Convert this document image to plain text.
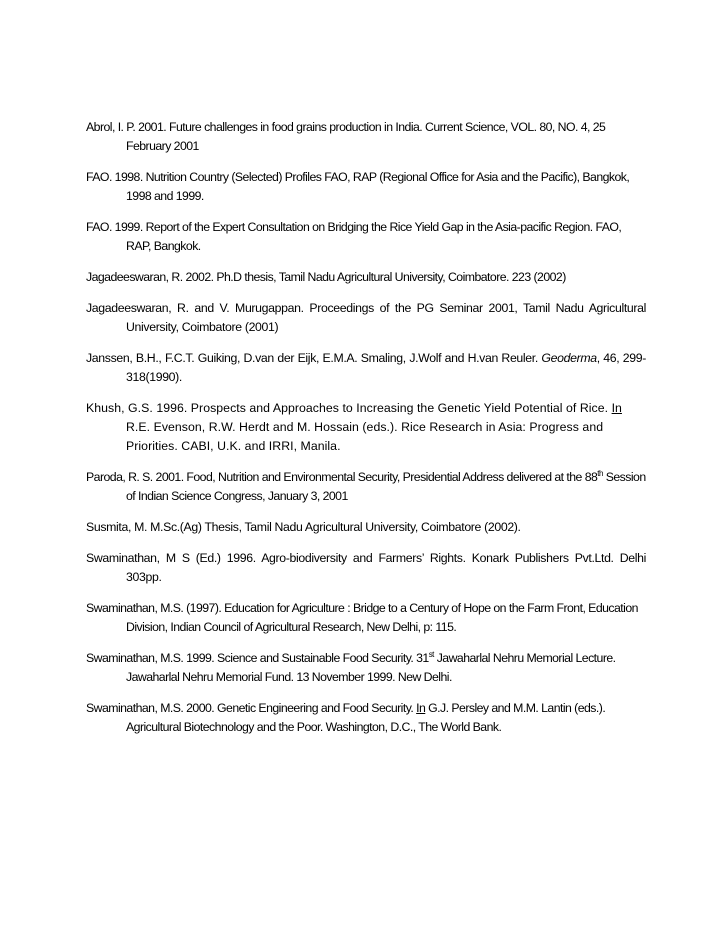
Abrol, I. P. 2001. Future challenges in food grains production in India. Current Science, VOL. 80, NO. 4, 25 February 2001

FAO. 1998. Nutrition Country (Selected) Profiles FAO, RAP (Regional Office for Asia and the Pacific), Bangkok, 1998 and 1999.

FAO. 1999. Report of the Expert Consultation on Bridging the Rice Yield Gap in the Asia-pacific Region. FAO, RAP, Bangkok.

Jagadeeswaran, R. 2002. Ph.D thesis, Tamil Nadu Agricultural University, Coimbatore. 223 (2002)

Jagadeeswaran, R. and V. Murugappan. Proceedings of the PG Seminar 2001, Tamil Nadu Agricultural University, Coimbatore (2001)

Janssen, B.H., F.C.T. Guiking, D.van der Eijk, E.M.A. Smaling, J.Wolf and H.van Reuler. Geoderma, 46, 299-318(1990).

Khush, G.S. 1996. Prospects and Approaches to Increasing the Genetic Yield Potential of Rice. In R.E. Evenson, R.W. Herdt and M. Hossain (eds.). Rice Research in Asia: Progress and Priorities. CABI, U.K. and IRRI, Manila.

Paroda, R. S. 2001. Food, Nutrition and Environmental Security, Presidential Address delivered at the 88th Session of Indian Science Congress, January 3, 2001

Susmita, M. M.Sc.(Ag) Thesis, Tamil Nadu Agricultural University, Coimbatore (2002).

Swaminathan, M S (Ed.) 1996. Agro-biodiversity and Farmers’ Rights. Konark Publishers Pvt.Ltd. Delhi 303pp.

Swaminathan, M.S. (1997). Education for Agriculture : Bridge to a Century of Hope on the Farm Front, Education Division, Indian Council of Agricultural Research, New Delhi, p: 115.

Swaminathan, M.S. 1999. Science and Sustainable Food Security. 31st Jawaharlal Nehru Memorial Lecture. Jawaharlal Nehru Memorial Fund. 13 November 1999. New Delhi.

Swaminathan, M.S. 2000. Genetic Engineering and Food Security. In G.J. Persley and M.M. Lantin (eds.). Agricultural Biotechnology and the Poor. Washington, D.C., The World Bank.
